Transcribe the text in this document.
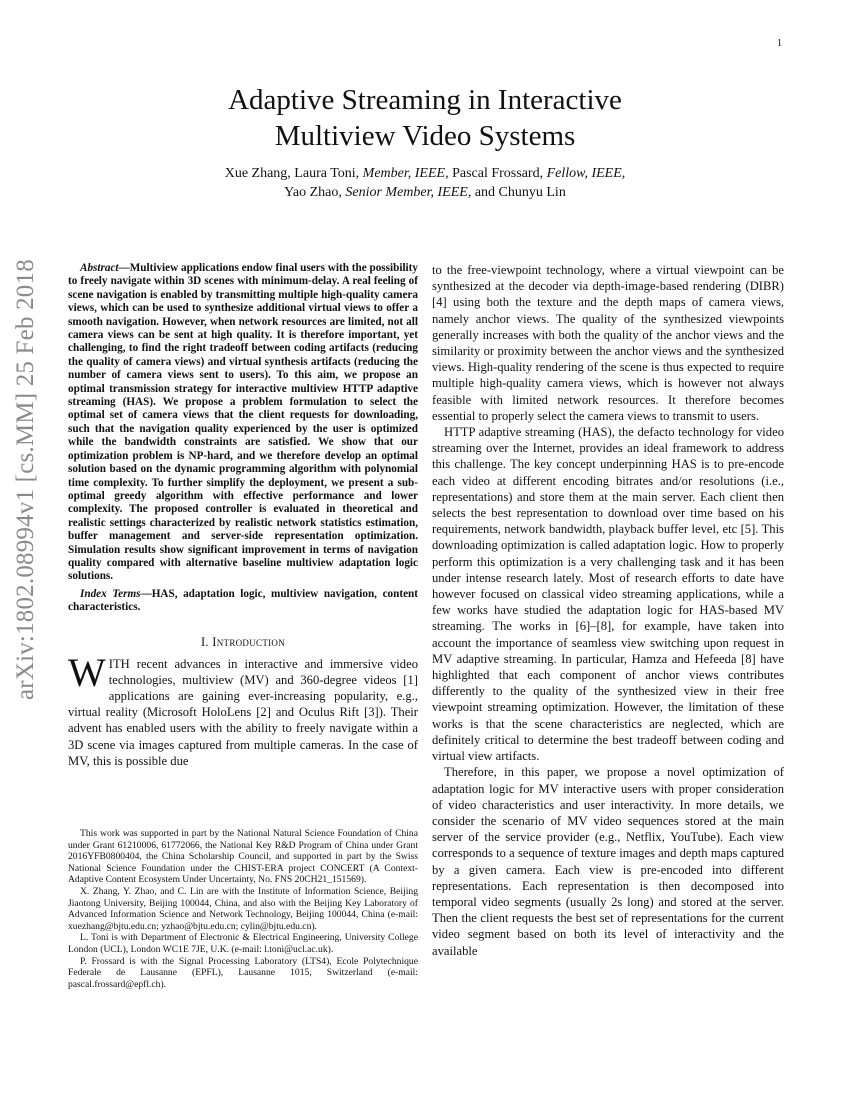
1
arXiv:1802.08994v1 [cs.MM] 25 Feb 2018
Adaptive Streaming in Interactive
Multiview Video Systems
Xue Zhang, Laura Toni, Member, IEEE, Pascal Frossard, Fellow, IEEE,
Yao Zhao, Senior Member, IEEE, and Chunyu Lin

Abstract—Multiview applications endow final users with the possibility to freely navigate within 3D scenes with minimum-delay. A real feeling of scene navigation is enabled by transmitting multiple high-quality camera views, which can be used to synthesize additional virtual views to offer a smooth navigation. However, when network resources are limited, not all camera views can be sent at high quality. It is therefore important, yet challenging, to find the right tradeoff between coding artifacts (reducing the quality of camera views) and virtual synthesis artifacts (reducing the number of camera views sent to users). To this aim, we propose an optimal transmission strategy for interactive multiview HTTP adaptive streaming (HAS). We propose a problem formulation to select the optimal set of camera views that the client requests for downloading, such that the navigation quality experienced by the user is optimized while the bandwidth constraints are satisfied. We show that our optimization problem is NP-hard, and we therefore develop an optimal solution based on the dynamic programming algorithm with polynomial time complexity. To further simplify the deployment, we present a sub-optimal greedy algorithm with effective performance and lower complexity. The proposed controller is evaluated in theoretical and realistic settings characterized by realistic network statistics estimation, buffer management and server-side representation optimization. Simulation results show significant improvement in terms of navigation quality compared with alternative baseline multiview adaptation logic solutions.

Index Terms—HAS, adaptation logic, multiview navigation, content characteristics.

I. Introduction

WITH recent advances in interactive and immersive video technologies, multiview (MV) and 360-degree videos [1] applications are gaining ever-increasing popularity, e.g., virtual reality (Microsoft HoloLens [2] and Oculus Rift [3]). Their advent has enabled users with the ability to freely navigate within a 3D scene via images captured from multiple cameras. In the case of MV, this is possible due

This work was supported in part by the National Natural Science Foundation of China under Grant 61210006, 61772066, the National Key R&D Program of China under Grant 2016YFB0800404, the China Scholarship Council, and supported in part by the Swiss National Science Foundation under the CHIST-ERA project CONCERT (A Context-Adaptive Content Ecosystem Under Uncertainty, No. FNS 20CH21_151569).

X. Zhang, Y. Zhao, and C. Lin are with the Institute of Information Science, Beijing Jiaotong University, Beijing 100044, China, and also with the Beijing Key Laboratory of Advanced Information Science and Network Technology, Beijing 100044, China (e-mail: xuezhang@bjtu.edu.cn; yzhao@bjtu.edu.cn; cylin@bjtu.edu.cn).

L. Toni is with Department of Electronic & Electrical Engineering, University College London (UCL), London WC1E 7JE, U.K. (e-mail: l.toni@ucl.ac.uk).

P. Frossard is with the Signal Processing Laboratory (LTS4), Ecole Polytechnique Federale de Lausanne (EPFL), Lausanne 1015, Switzerland (e-mail: pascal.frossard@epfl.ch).

to the free-viewpoint technology, where a virtual viewpoint can be synthesized at the decoder via depth-image-based rendering (DIBR) [4] using both the texture and the depth maps of camera views, namely anchor views. The quality of the synthesized viewpoints generally increases with both the quality of the anchor views and the similarity or proximity between the anchor views and the synthesized views. High-quality rendering of the scene is thus expected to require multiple high-quality camera views, which is however not always feasible with limited network resources. It therefore becomes essential to properly select the camera views to transmit to users.

HTTP adaptive streaming (HAS), the defacto technology for video streaming over the Internet, provides an ideal framework to address this challenge. The key concept underpinning HAS is to pre-encode each video at different encoding bitrates and/or resolutions (i.e., representations) and store them at the main server. Each client then selects the best representation to download over time based on his requirements, network bandwidth, playback buffer level, etc [5]. This downloading optimization is called adaptation logic. How to properly perform this optimization is a very challenging task and it has been under intense research lately. Most of research efforts to date have however focused on classical video streaming applications, while a few works have studied the adaptation logic for HAS-based MV streaming. The works in [6]–[8], for example, have taken into account the importance of seamless view switching upon request in MV adaptive streaming. In particular, Hamza and Hefeeda [8] have highlighted that each component of anchor views contributes differently to the quality of the synthesized view in their free viewpoint streaming optimization. However, the limitation of these works is that the scene characteristics are neglected, which are definitely critical to determine the best tradeoff between coding and virtual view artifacts.

Therefore, in this paper, we propose a novel optimization of adaptation logic for MV interactive users with proper consideration of video characteristics and user interactivity. In more details, we consider the scenario of MV video sequences stored at the main server of the service provider (e.g., Netflix, YouTube). Each view corresponds to a sequence of texture images and depth maps captured by a given camera. Each view is pre-encoded into different representations. Each representation is then decomposed into temporal video segments (usually 2s long) and stored at the server. Then the client requests the best set of representations for the current video segment based on both its level of interactivity and the available
